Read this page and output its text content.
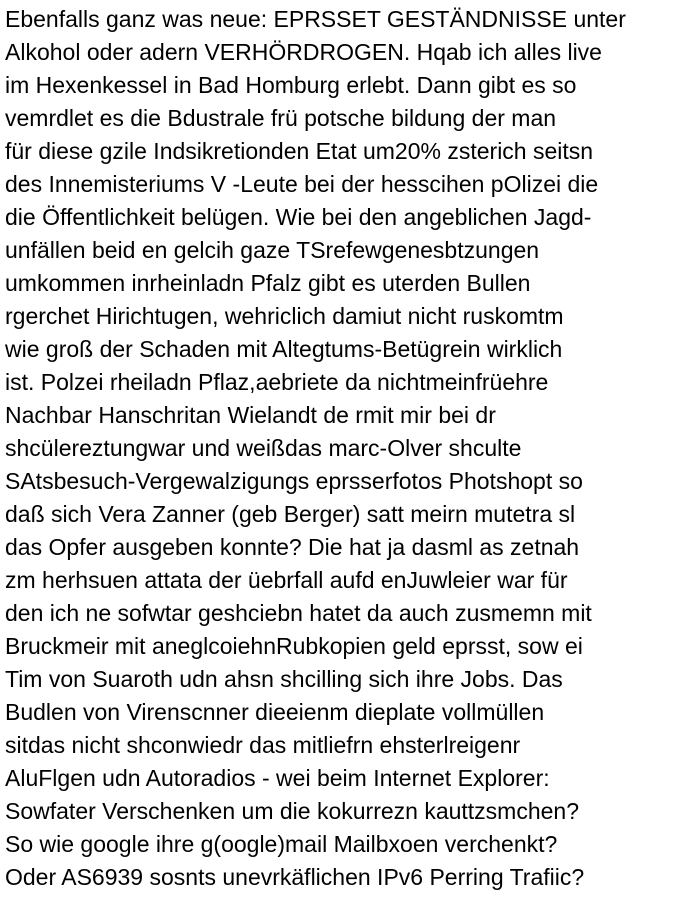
Ebenfalls ganz was neue: EPRSSET GESTÄNDNISSE unter

Alkohol oder adern VERHÖRDROGEN. Hqab ich alles live

im Hexenkessel in Bad Homburg erlebt. Dann gibt es so

vemrdlet es die Bdustrale frü potsche bildung der man

für diese gzile Indsikretionden Etat um20% zsterich seitsn

des Innemisteriums V -Leute bei der hesscihen pOlizei die

die Öffentlichkeit belügen. Wie bei den angeblichen Jagd-

unfällen beid en gelcih gaze TSrefewgenesbtzungen

umkommen inrheinladn Pfalz gibt es uterden Bullen

rgerchet Hirichtugen, wehriclich damiut nicht ruskomtm

wie groß der Schaden mit Altegtums-Betügrein wirklich

ist. Polzei rheiladn Pflaz,aebriete da nichtmeinfrüehre

Nachbar Hanschritan Wielandt de rmit mir bei dr

shcülereztungwar und weißdas marc-Olver shculte

SAtsbesuch-Vergewalzigungs eprsserfotos Photshopt so

daß sich Vera Zanner (geb Berger) satt meirn mutetra sl

das Opfer ausgeben konnte? Die hat ja dasml as zetnah

zm herhsuen attata der üebrfall aufd enJuwleier war für

den ich ne sofwtar geshciebn hatet da auch zusmemn mit

Bruckmeir mit aneglcoiehnRubkopien geld eprsst, sow ei

Tim von Suaroth udn ahsn shcilling sich ihre Jobs. Das

Budlen von Virenscnner dieeienm dieplate vollmüllen

sitdas nicht shconwiedr das mitliefrn ehsterlreigenr

AluFlgen udn Autoradios - wei beim Internet Explorer:

Sowfater Verschenken um die kokurrezn kauttzsmchen?

So wie google ihre g(oogle)mail Mailbxoen verchenkt?

Oder AS6939 sosnts unevrkäflichen IPv6 Perring Trafiic?
